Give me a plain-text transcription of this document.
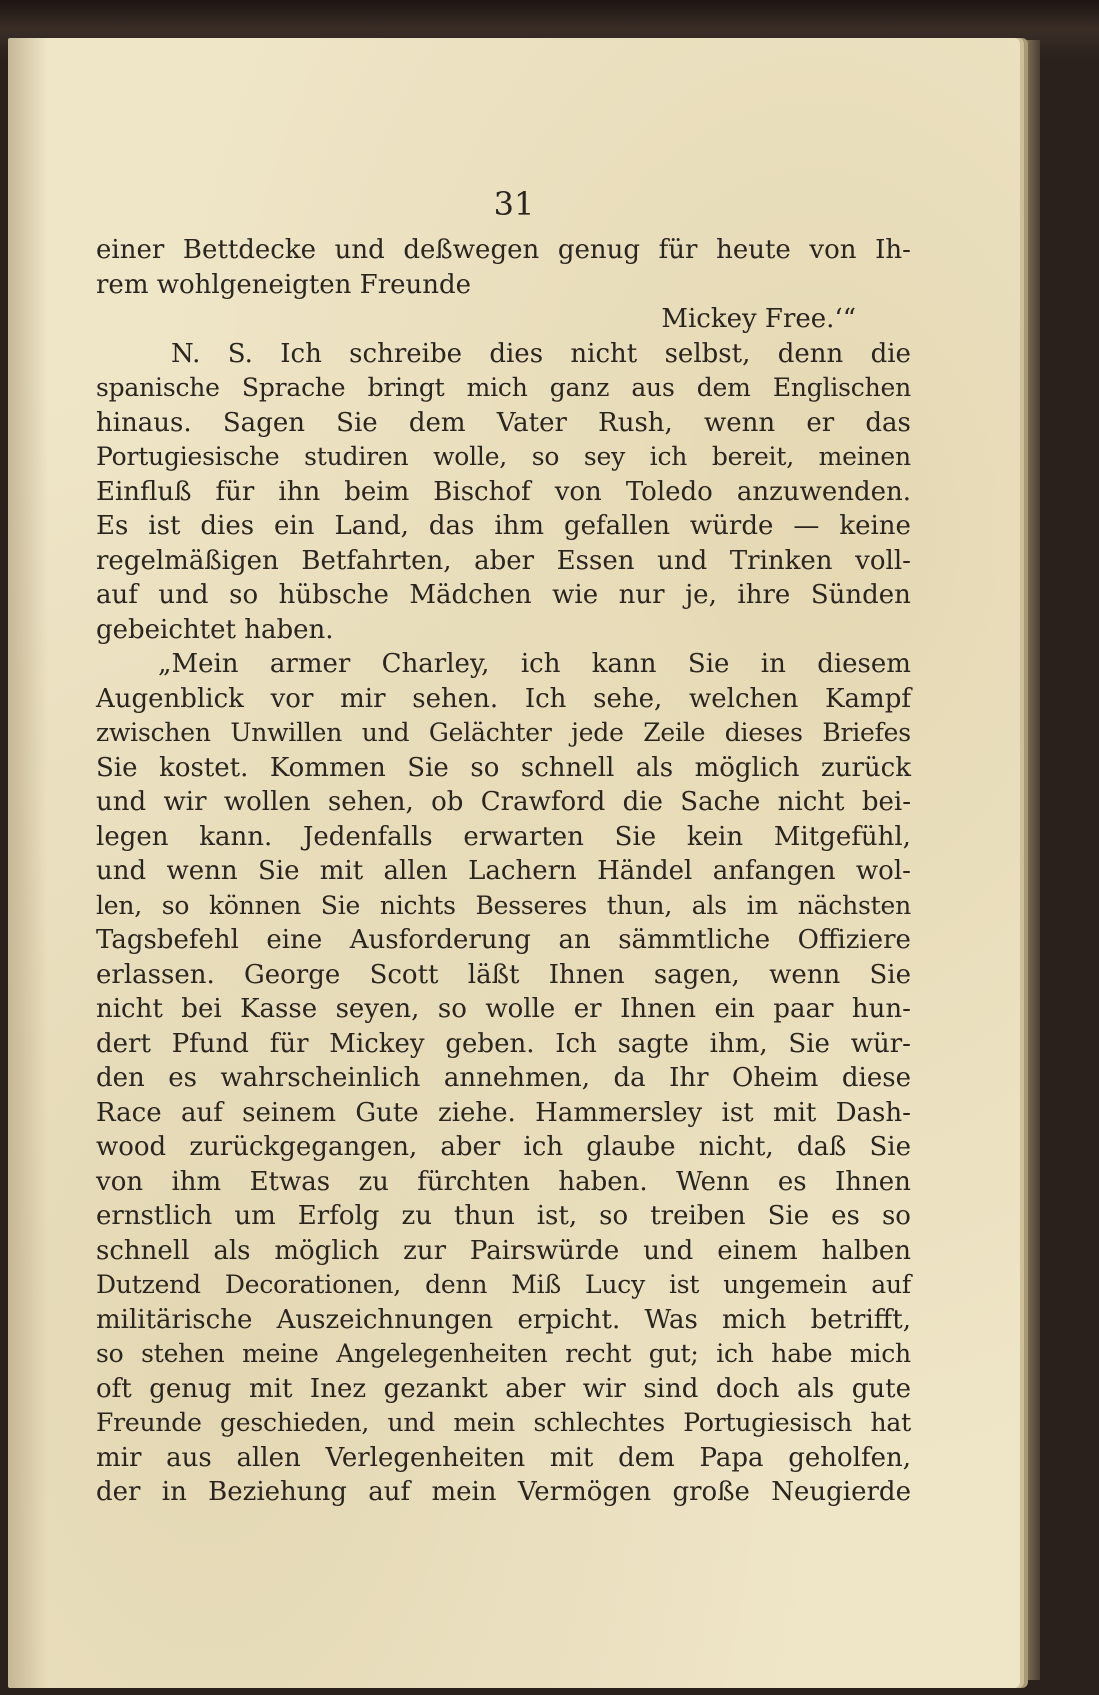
31
einer Bettdecke und deßwegen genug für heute von Ih-
rem wohlgeneigten Freunde
Mickey Free.‘“
N. S. Ich schreibe dies nicht selbst, denn die
spanische Sprache bringt mich ganz aus dem Englischen
hinaus. Sagen Sie dem Vater Rush, wenn er das
Portugiesische studiren wolle, so sey ich bereit, meinen
Einfluß für ihn beim Bischof von Toledo anzuwenden.
Es ist dies ein Land, das ihm gefallen würde — keine
regelmäßigen Betfahrten, aber Essen und Trinken voll-
auf und so hübsche Mädchen wie nur je, ihre Sünden
gebeichtet haben.
„Mein armer Charley, ich kann Sie in diesem
Augenblick vor mir sehen. Ich sehe, welchen Kampf
zwischen Unwillen und Gelächter jede Zeile dieses Briefes
Sie kostet. Kommen Sie so schnell als möglich zurück
und wir wollen sehen, ob Crawford die Sache nicht bei-
legen kann. Jedenfalls erwarten Sie kein Mitgefühl,
und wenn Sie mit allen Lachern Händel anfangen wol-
len, so können Sie nichts Besseres thun, als im nächsten
Tagsbefehl eine Ausforderung an sämmtliche Offiziere
erlassen. George Scott läßt Ihnen sagen, wenn Sie
nicht bei Kasse seyen, so wolle er Ihnen ein paar hun-
dert Pfund für Mickey geben. Ich sagte ihm, Sie wür-
den es wahrscheinlich annehmen, da Ihr Oheim diese
Race auf seinem Gute ziehe. Hammersley ist mit Dash-
wood zurückgegangen, aber ich glaube nicht, daß Sie
von ihm Etwas zu fürchten haben. Wenn es Ihnen
ernstlich um Erfolg zu thun ist, so treiben Sie es so
schnell als möglich zur Pairswürde und einem halben
Dutzend Decorationen, denn Miß Lucy ist ungemein auf
militärische Auszeichnungen erpicht. Was mich betrifft,
so stehen meine Angelegenheiten recht gut; ich habe mich
oft genug mit Inez gezankt aber wir sind doch als gute
Freunde geschieden, und mein schlechtes Portugiesisch hat
mir aus allen Verlegenheiten mit dem Papa geholfen,
der in Beziehung auf mein Vermögen große Neugierde
